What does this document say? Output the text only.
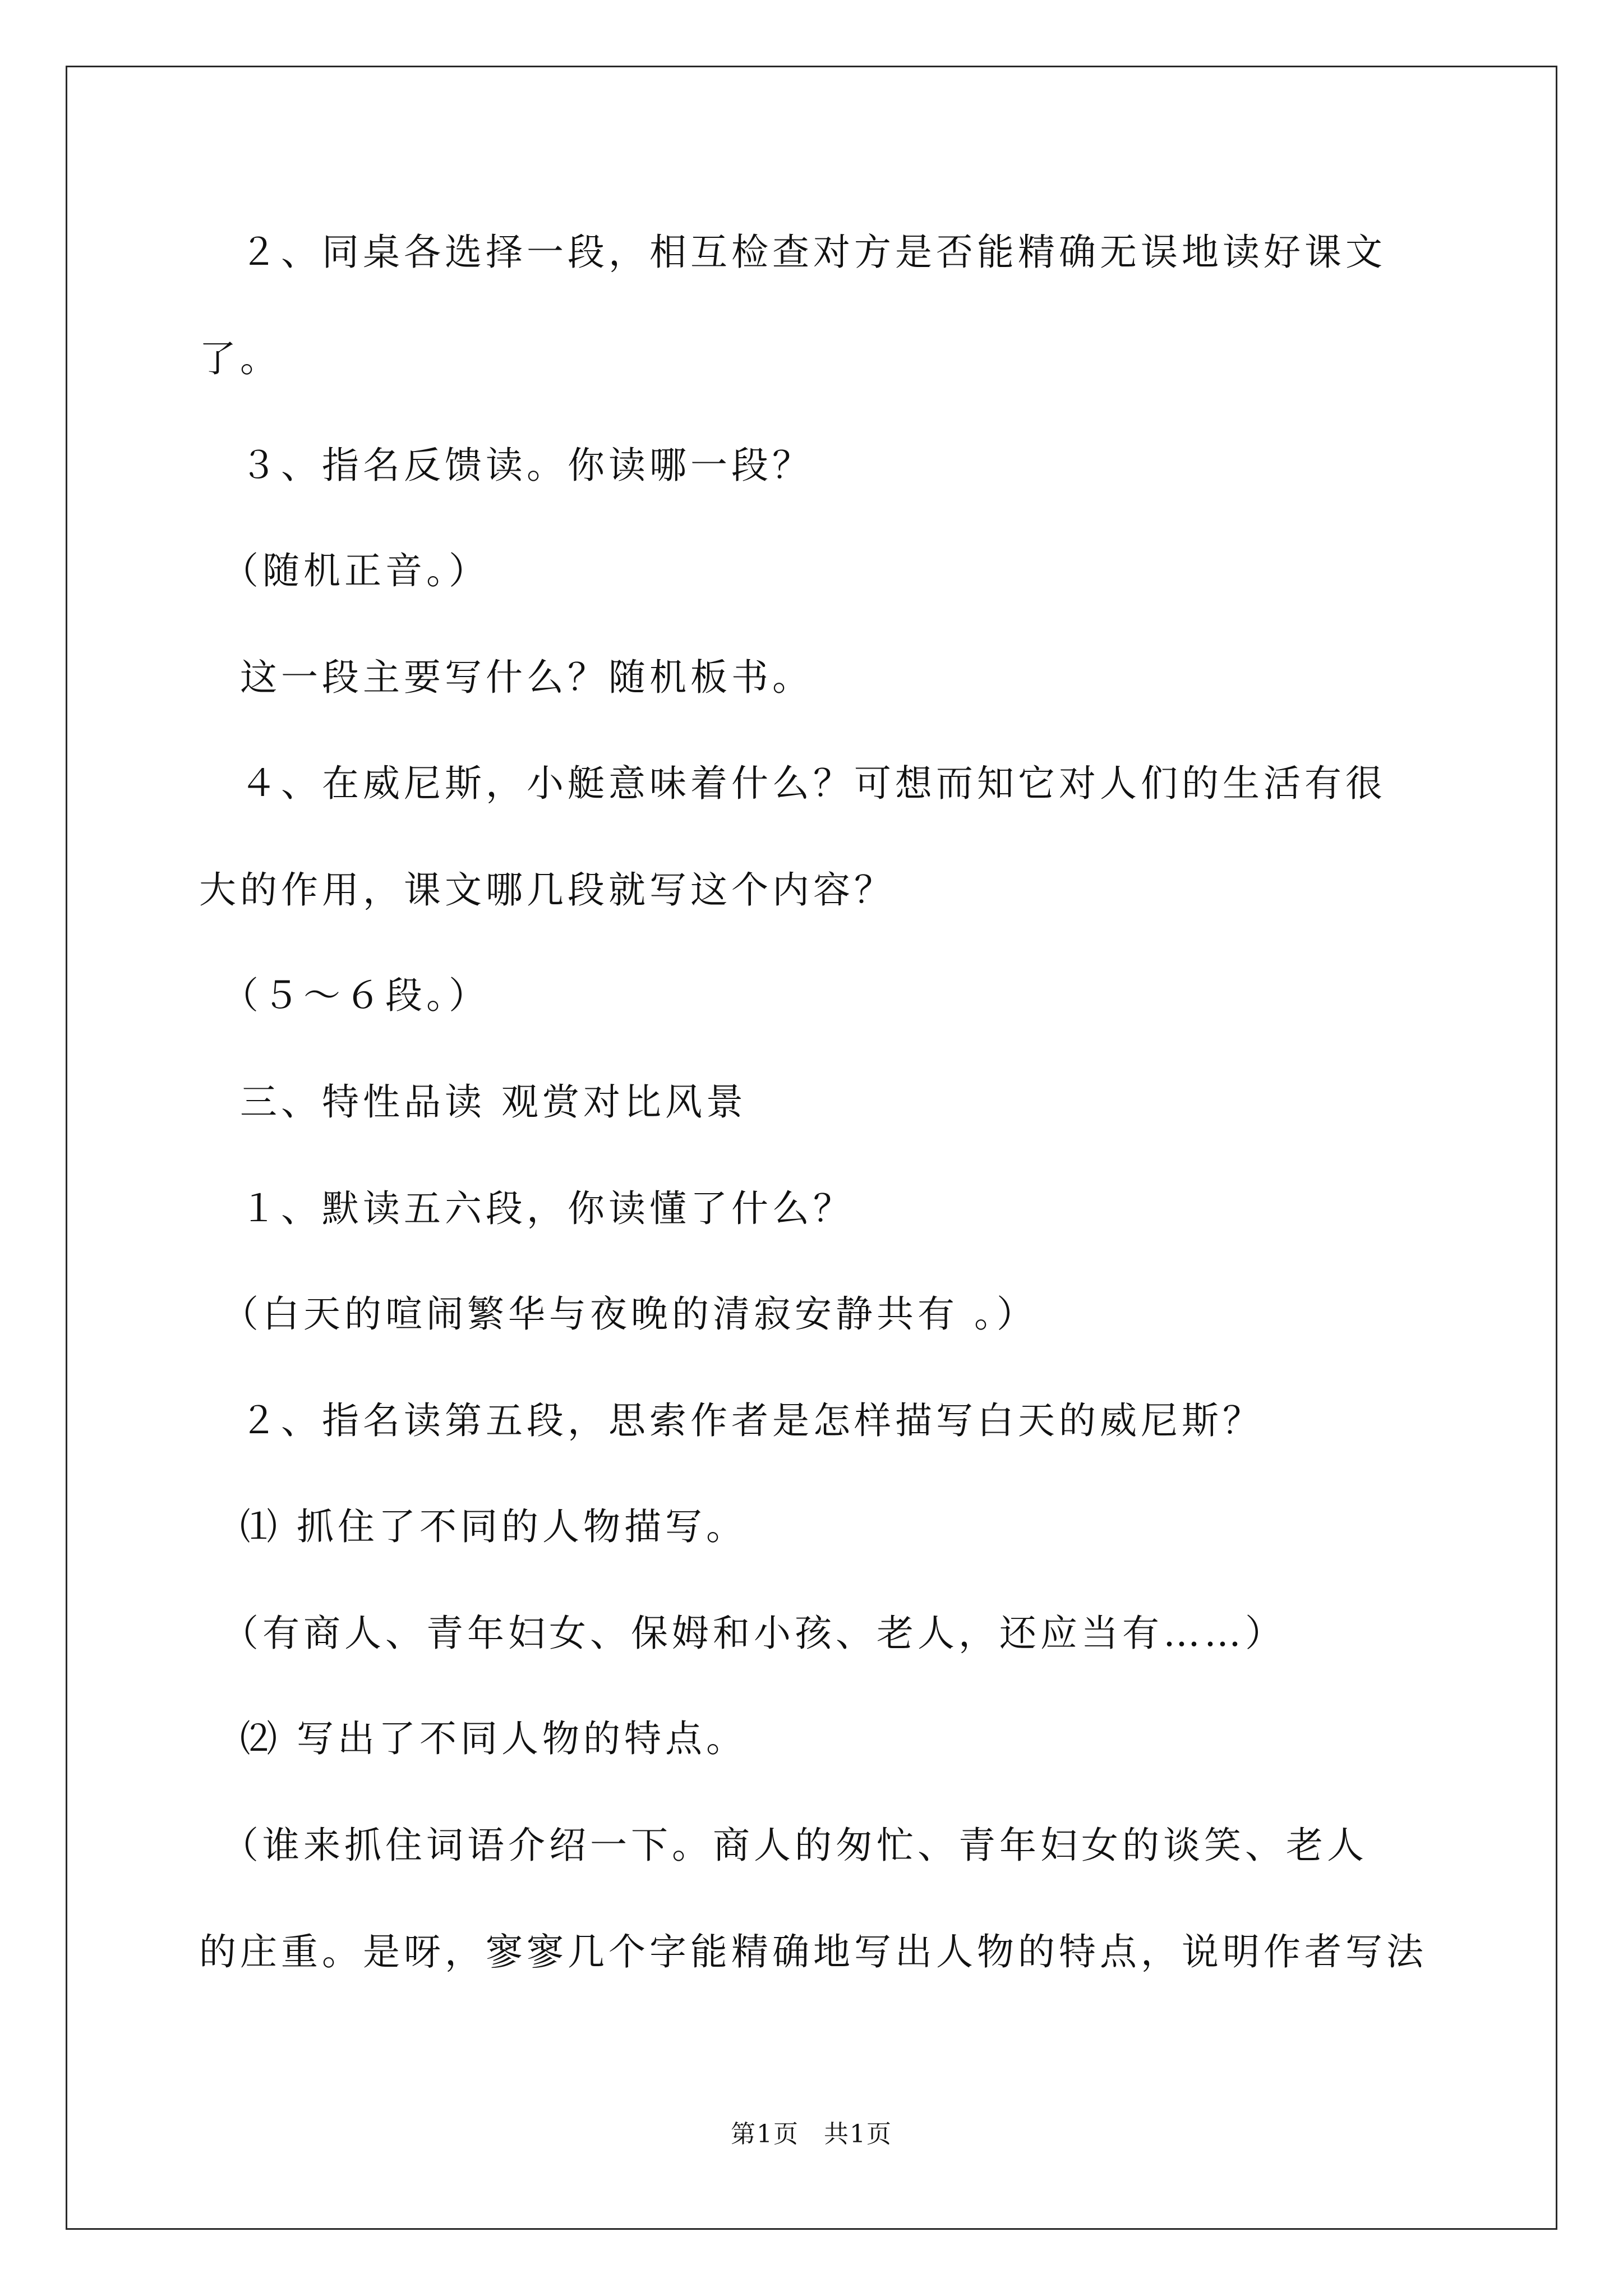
　２、同桌各选择一段，相互检查对方是否能精确无误地读好课文
了。
　３、指名反馈读。你读哪一段？
　（随机正音。）
　这一段主要写什么？随机板书。
　４、在威尼斯，小艇意味着什么？可想而知它对人们的生活有很
大的作用，课文哪几段就写这个内容？
　（５～６段。）
　三、特性品读 观赏对比风景
　１、默读五六段，你读懂了什么？
　（白天的喧闹繁华与夜晚的清寂安静共有 。）
　２、指名读第五段，思索作者是怎样描写白天的威尼斯？
　⑴ 抓住了不同的人物描写。
　（有商人、青年妇女、保姆和小孩、老人，还应当有……）
　⑵ 写出了不同人物的特点。
　（谁来抓住词语介绍一下。商人的匆忙、青年妇女的谈笑、老人
的庄重。是呀，寥寥几个字能精确地写出人物的特点，说明作者写法
第1页 共1页
